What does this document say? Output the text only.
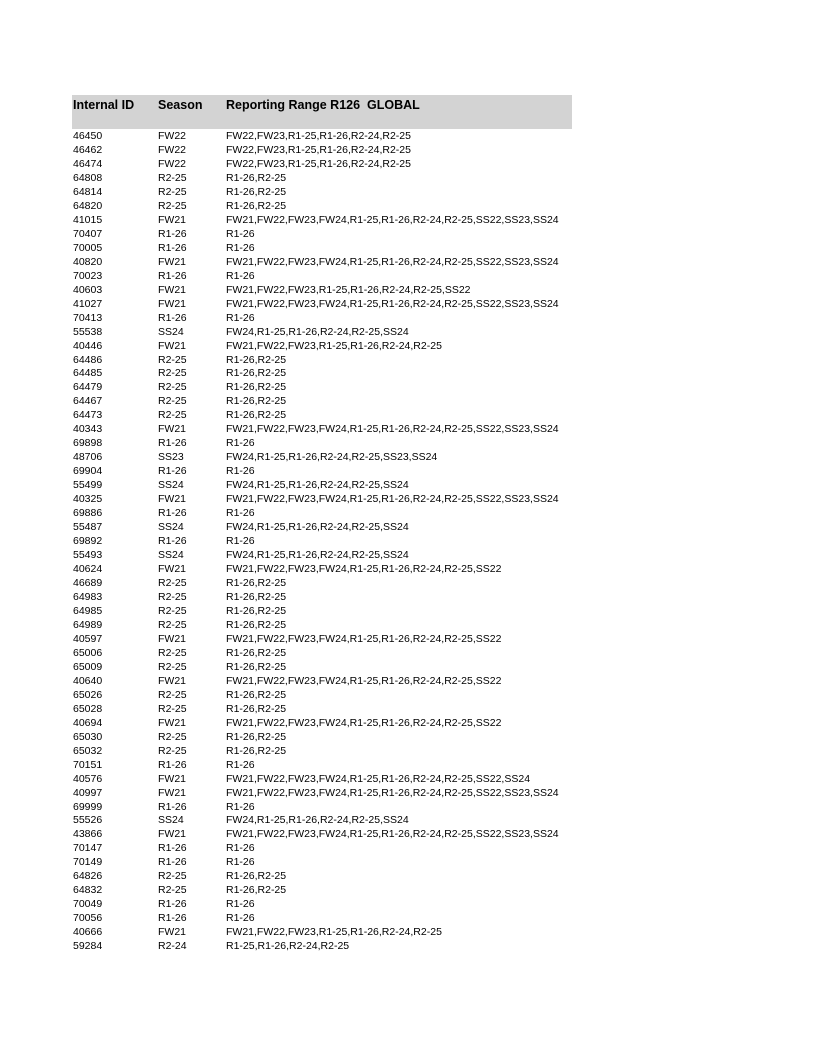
Internal ID	Season	Reporting Range R126  GLOBAL
46450	FW22	FW22,FW23,R1-25,R1-26,R2-24,R2-25
46462	FW22	FW22,FW23,R1-25,R1-26,R2-24,R2-25
46474	FW22	FW22,FW23,R1-25,R1-26,R2-24,R2-25
64808	R2-25	R1-26,R2-25
64814	R2-25	R1-26,R2-25
64820	R2-25	R1-26,R2-25
41015	FW21	FW21,FW22,FW23,FW24,R1-25,R1-26,R2-24,R2-25,SS22,SS23,SS24
70407	R1-26	R1-26
70005	R1-26	R1-26
40820	FW21	FW21,FW22,FW23,FW24,R1-25,R1-26,R2-24,R2-25,SS22,SS23,SS24
70023	R1-26	R1-26
40603	FW21	FW21,FW22,FW23,R1-25,R1-26,R2-24,R2-25,SS22
41027	FW21	FW21,FW22,FW23,FW24,R1-25,R1-26,R2-24,R2-25,SS22,SS23,SS24
70413	R1-26	R1-26
55538	SS24	FW24,R1-25,R1-26,R2-24,R2-25,SS24
40446	FW21	FW21,FW22,FW23,R1-25,R1-26,R2-24,R2-25
64486	R2-25	R1-26,R2-25
64485	R2-25	R1-26,R2-25
64479	R2-25	R1-26,R2-25
64467	R2-25	R1-26,R2-25
64473	R2-25	R1-26,R2-25
40343	FW21	FW21,FW22,FW23,FW24,R1-25,R1-26,R2-24,R2-25,SS22,SS23,SS24
69898	R1-26	R1-26
48706	SS23	FW24,R1-25,R1-26,R2-24,R2-25,SS23,SS24
69904	R1-26	R1-26
55499	SS24	FW24,R1-25,R1-26,R2-24,R2-25,SS24
40325	FW21	FW21,FW22,FW23,FW24,R1-25,R1-26,R2-24,R2-25,SS22,SS23,SS24
69886	R1-26	R1-26
55487	SS24	FW24,R1-25,R1-26,R2-24,R2-25,SS24
69892	R1-26	R1-26
55493	SS24	FW24,R1-25,R1-26,R2-24,R2-25,SS24
40624	FW21	FW21,FW22,FW23,FW24,R1-25,R1-26,R2-24,R2-25,SS22
46689	R2-25	R1-26,R2-25
64983	R2-25	R1-26,R2-25
64985	R2-25	R1-26,R2-25
64989	R2-25	R1-26,R2-25
40597	FW21	FW21,FW22,FW23,FW24,R1-25,R1-26,R2-24,R2-25,SS22
65006	R2-25	R1-26,R2-25
65009	R2-25	R1-26,R2-25
40640	FW21	FW21,FW22,FW23,FW24,R1-25,R1-26,R2-24,R2-25,SS22
65026	R2-25	R1-26,R2-25
65028	R2-25	R1-26,R2-25
40694	FW21	FW21,FW22,FW23,FW24,R1-25,R1-26,R2-24,R2-25,SS22
65030	R2-25	R1-26,R2-25
65032	R2-25	R1-26,R2-25
70151	R1-26	R1-26
40576	FW21	FW21,FW22,FW23,FW24,R1-25,R1-26,R2-24,R2-25,SS22,SS24
40997	FW21	FW21,FW22,FW23,FW24,R1-25,R1-26,R2-24,R2-25,SS22,SS23,SS24
69999	R1-26	R1-26
55526	SS24	FW24,R1-25,R1-26,R2-24,R2-25,SS24
43866	FW21	FW21,FW22,FW23,FW24,R1-25,R1-26,R2-24,R2-25,SS22,SS23,SS24
70147	R1-26	R1-26
70149	R1-26	R1-26
64826	R2-25	R1-26,R2-25
64832	R2-25	R1-26,R2-25
70049	R1-26	R1-26
70056	R1-26	R1-26
40666	FW21	FW21,FW22,FW23,R1-25,R1-26,R2-24,R2-25
59284	R2-24	R1-25,R1-26,R2-24,R2-25
